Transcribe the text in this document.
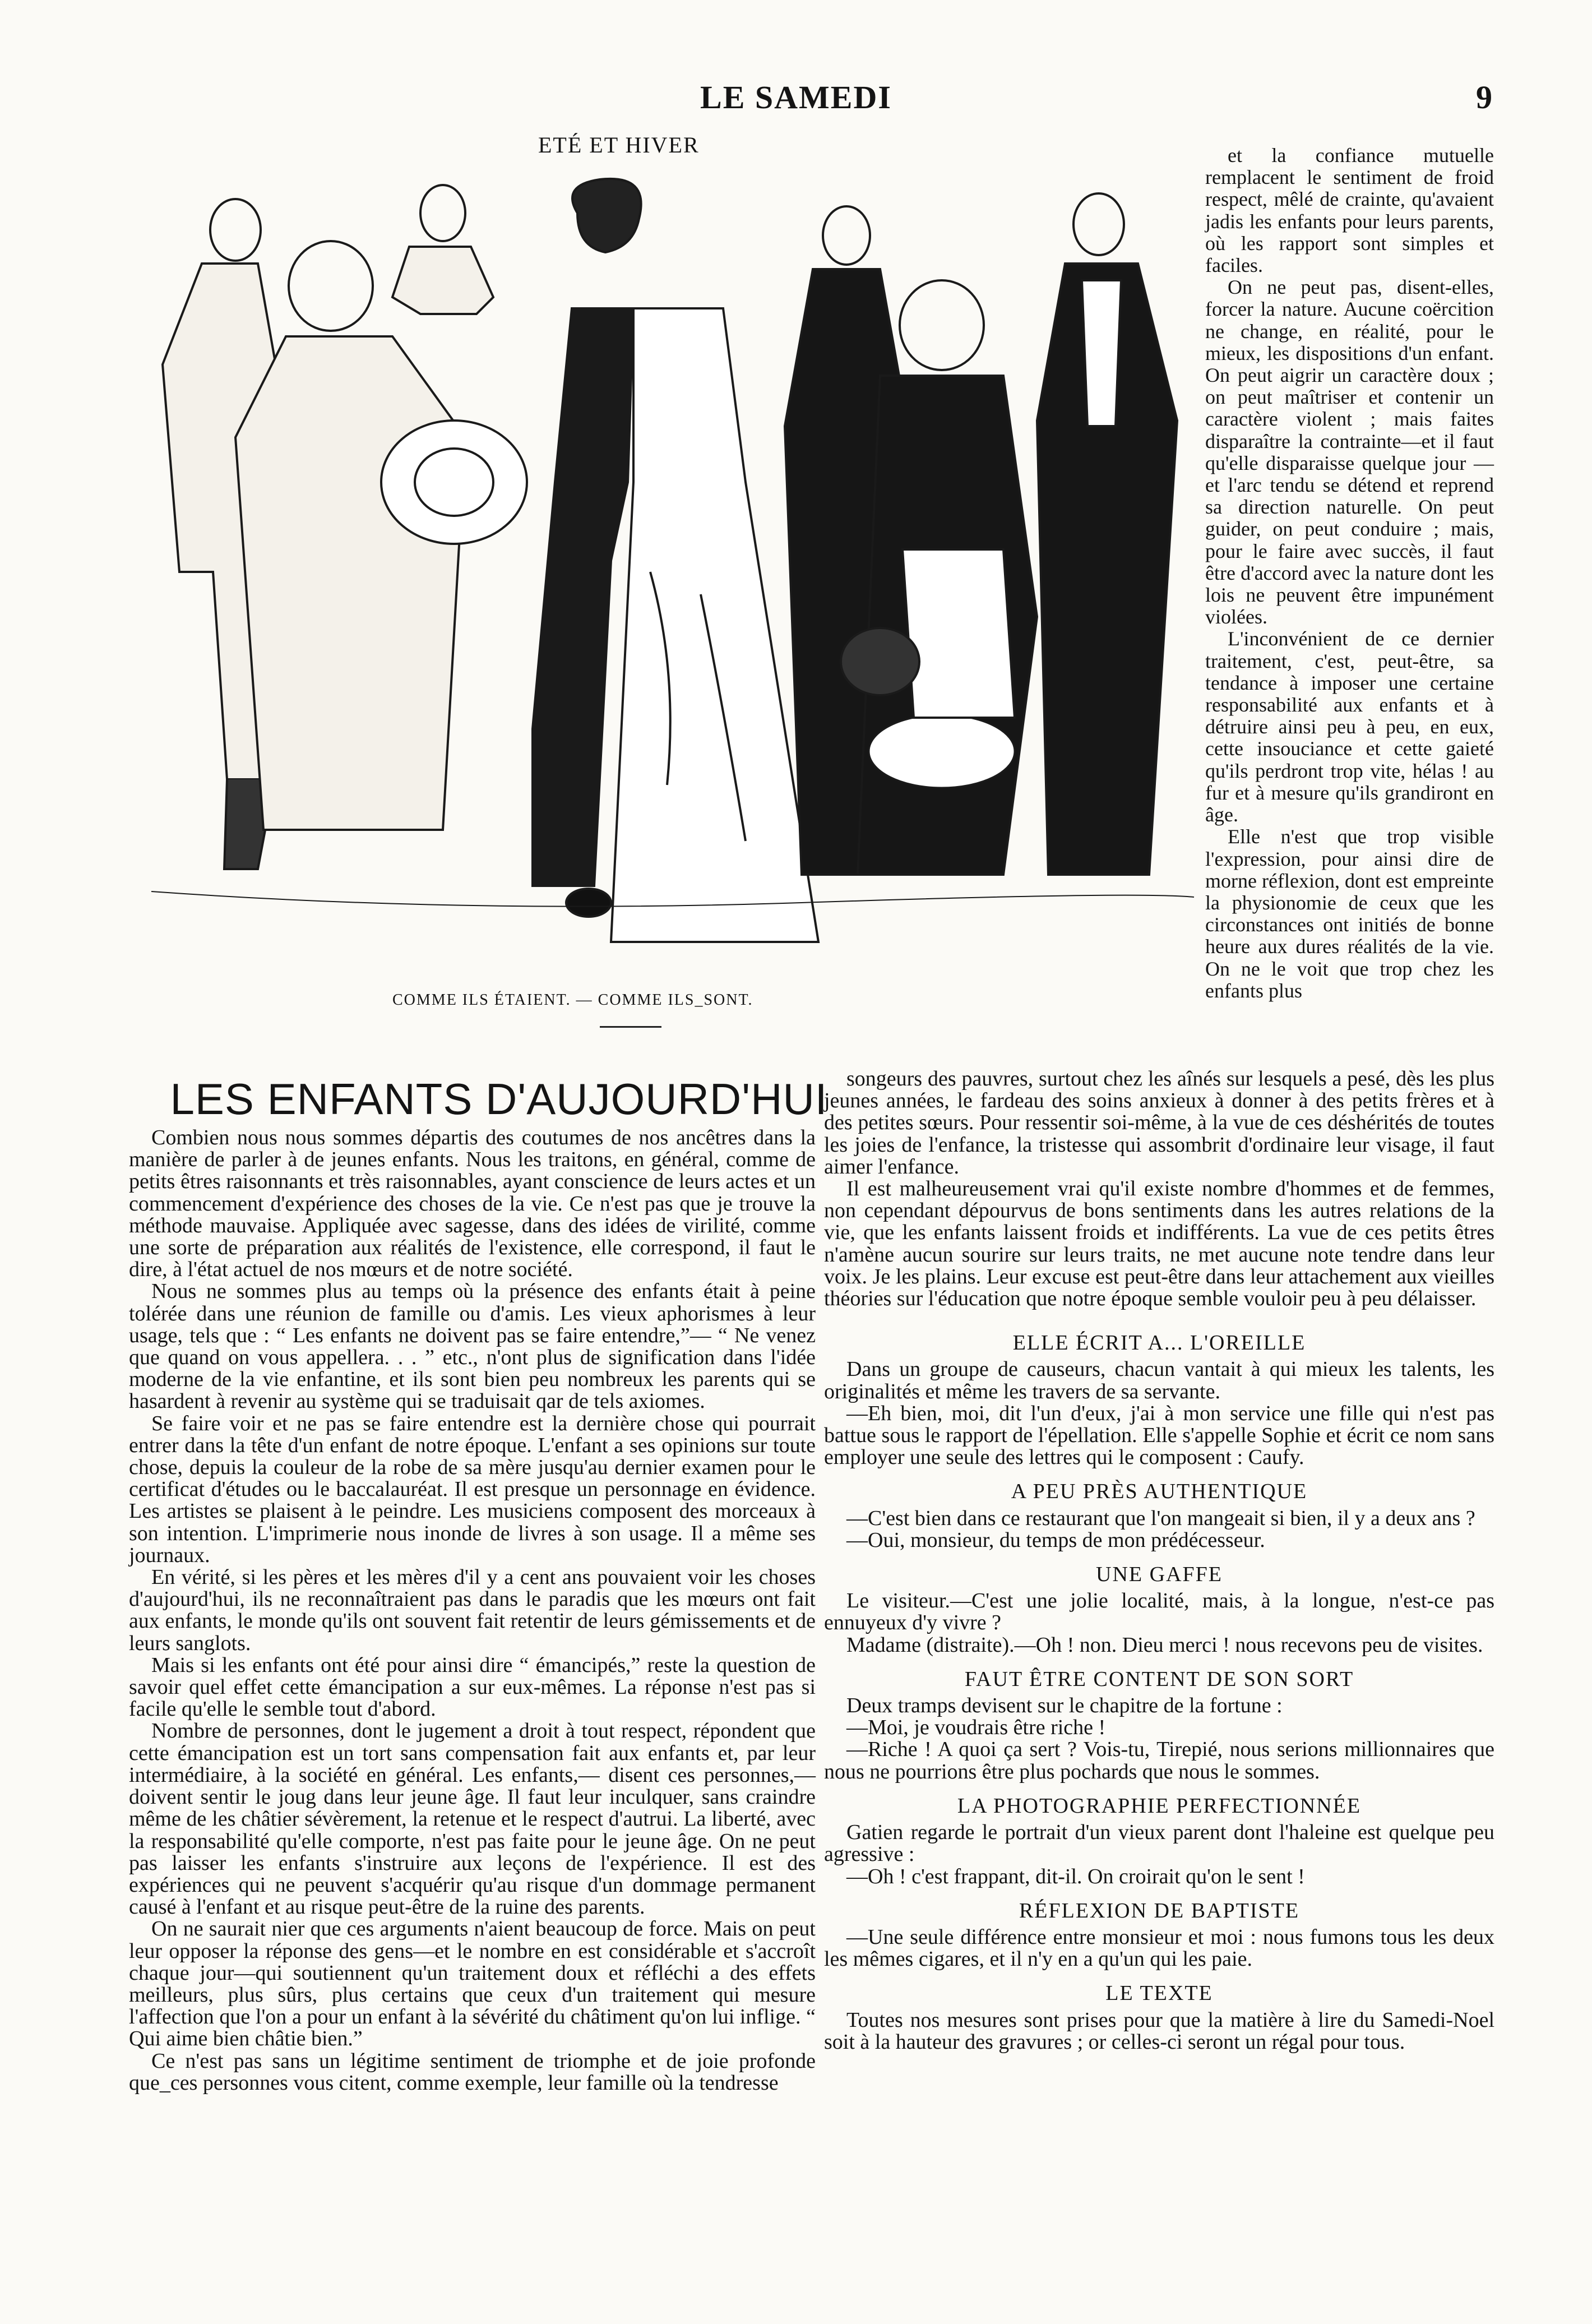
LE SAMEDI	9
ETÉ ET HIVER
COMME ILS ÉTAIENT. — COMME ILS_SONT.
LES ENFANTS D'AUJOURD'HUI

Combien nous nous sommes départis des coutumes de nos ancêtres dans la manière de parler à de jeunes enfants. Nous les traitons, en général, comme de petits êtres raisonnants et très raisonnables, ayant conscience de leurs actes et un commencement d'expérience des choses de la vie. Ce n'est pas que je trouve la méthode mauvaise. Appliquée avec sagesse, dans des idées de virilité, comme une sorte de préparation aux réalités de l'existence, elle correspond, il faut le dire, à l'état actuel de nos mœurs et de notre société.

Nous ne sommes plus au temps où la présence des enfants était à peine tolérée dans une réunion de famille ou d'amis. Les vieux aphorismes à leur usage, tels que : “ Les enfants ne doivent pas se faire entendre,”— “ Ne venez que quand on vous appellera. . . ” etc., n'ont plus de signification dans l'idée moderne de la vie enfantine, et ils sont bien peu nombreux les parents qui se hasardent à revenir au système qui se traduisait qar de tels axiomes.

Se faire voir et ne pas se faire entendre est la dernière chose qui pourrait entrer dans la tête d'un enfant de notre époque. L'enfant a ses opinions sur toute chose, depuis la couleur de la robe de sa mère jusqu'au dernier examen pour le certificat d'études ou le baccalauréat. Il est presque un personnage en évidence. Les artistes se plaisent à le peindre. Les musiciens composent des morceaux à son intention. L'imprimerie nous inonde de livres à son usage. Il a même ses journaux.

En vérité, si les pères et les mères d'il y a cent ans pouvaient voir les choses d'aujourd'hui, ils ne reconnaîtraient pas dans le paradis que les mœurs ont fait aux enfants, le monde qu'ils ont souvent fait retentir de leurs gémissements et de leurs sanglots.

Mais si les enfants ont été pour ainsi dire “ émancipés,” reste la question de savoir quel effet cette émancipation a sur eux-mêmes. La réponse n'est pas si facile qu'elle le semble tout d'abord.

Nombre de personnes, dont le jugement a droit à tout respect, répondent que cette émancipation est un tort sans compensation fait aux enfants et, par leur intermédiaire, à la société en général. Les enfants,— disent ces personnes,— doivent sentir le joug dans leur jeune âge. Il faut leur inculquer, sans craindre même de les châtier sévèrement, la retenue et le respect d'autrui. La liberté, avec la responsabilité qu'elle comporte, n'est pas faite pour le jeune âge. On ne peut pas laisser les enfants s'instruire aux leçons de l'expérience. Il est des expériences qui ne peuvent s'acquérir qu'au risque d'un dommage permanent causé à l'enfant et au risque peut-être de la ruine des parents.

On ne saurait nier que ces arguments n'aient beaucoup de force. Mais on peut leur opposer la réponse des gens—et le nombre en est considérable et s'accroît chaque jour—qui soutiennent qu'un traitement doux et réfléchi a des effets meilleurs, plus sûrs, plus certains que ceux d'un traitement qui mesure l'affection que l'on a pour un enfant à la sévérité du châtiment qu'on lui inflige. “ Qui aime bien châtie bien.”

Ce n'est pas sans un légitime sentiment de triomphe et de joie profonde que_ces personnes vous citent, comme exemple, leur famille où la tendresse

et la confiance mutuelle remplacent le sentiment de froid respect, mêlé de crainte, qu'avaient jadis les enfants pour leurs parents, où les rapport sont simples et faciles.

On ne peut pas, disent-elles, forcer la nature. Aucune coërcition ne change, en réalité, pour le mieux, les dispositions d'un enfant. On peut aigrir un caractère doux ; on peut maîtriser et contenir un caractère violent ; mais faites disparaître la contrainte—et il faut qu'elle disparaisse quelque jour — et l'arc tendu se détend et reprend sa direction naturelle. On peut guider, on peut conduire ; mais, pour le faire avec succès, il faut être d'accord avec la nature dont les lois ne peuvent être impunément violées.

L'inconvénient de ce dernier traitement, c'est, peut-être, sa tendance à imposer une certaine responsabilité aux enfants et à détruire ainsi peu à peu, en eux, cette insouciance et cette gaieté qu'ils perdront trop vite, hélas ! au fur et à mesure qu'ils grandiront en âge.

Elle n'est que trop visible l'expression, pour ainsi dire de morne réflexion, dont est empreinte la physionomie de ceux que les circonstances ont initiés de bonne heure aux dures réalités de la vie. On ne le voit que trop chez les enfants plus

songeurs des pauvres, surtout chez les aînés sur lesquels a pesé, dès les plus jeunes années, le fardeau des soins anxieux à donner à des petits frères et à des petites sœurs. Pour ressentir soi-même, à la vue de ces déshérités de toutes les joies de l'enfance, la tristesse qui assombrit d'ordinaire leur visage, il faut aimer l'enfance.

Il est malheureusement vrai qu'il existe nombre d'hommes et de femmes, non cependant dépourvus de bons sentiments dans les autres relations de la vie, que les enfants laissent froids et indifférents. La vue de ces petits êtres n'amène aucun sourire sur leurs traits, ne met aucune note tendre dans leur voix. Je les plains. Leur excuse est peut-être dans leur attachement aux vieilles théories sur l'éducation que notre époque semble vouloir peu à peu délaisser.

ELLE ÉCRIT A... L'OREILLE

Dans un groupe de causeurs, chacun vantait à qui mieux les talents, les originalités et même les travers de sa servante.

—Eh bien, moi, dit l'un d'eux, j'ai à mon service une fille qui n'est pas battue sous le rapport de l'épellation. Elle s'appelle Sophie et écrit ce nom sans employer une seule des lettres qui le composent : Caufy.

A PEU PRÈS AUTHENTIQUE

—C'est bien dans ce restaurant que l'on mangeait si bien, il y a deux ans ?

—Oui, monsieur, du temps de mon prédécesseur.

UNE GAFFE

Le visiteur.—C'est une jolie localité, mais, à la longue, n'est-ce pas ennuyeux d'y vivre ?

Madame (distraite).—Oh ! non. Dieu merci ! nous recevons peu de visites.

FAUT ÊTRE CONTENT DE SON SORT

Deux tramps devisent sur le chapitre de la fortune :

—Moi, je voudrais être riche !

—Riche ! A quoi ça sert ? Vois-tu, Tirepié, nous serions millionnaires que nous ne pourrions être plus pochards que nous le sommes.

LA PHOTOGRAPHIE PERFECTIONNÉE

Gatien regarde le portrait d'un vieux parent dont l'haleine est quelque peu agressive :

—Oh ! c'est frappant, dit-il. On croirait qu'on le sent !

RÉFLEXION DE BAPTISTE

—Une seule différence entre monsieur et moi : nous fumons tous les deux les mêmes cigares, et il n'y en a qu'un qui les paie.

LE TEXTE

Toutes nos mesures sont prises pour que la matière à lire du Samedi-Noel soit à la hauteur des gravures ; or celles-ci seront un régal pour tous.
